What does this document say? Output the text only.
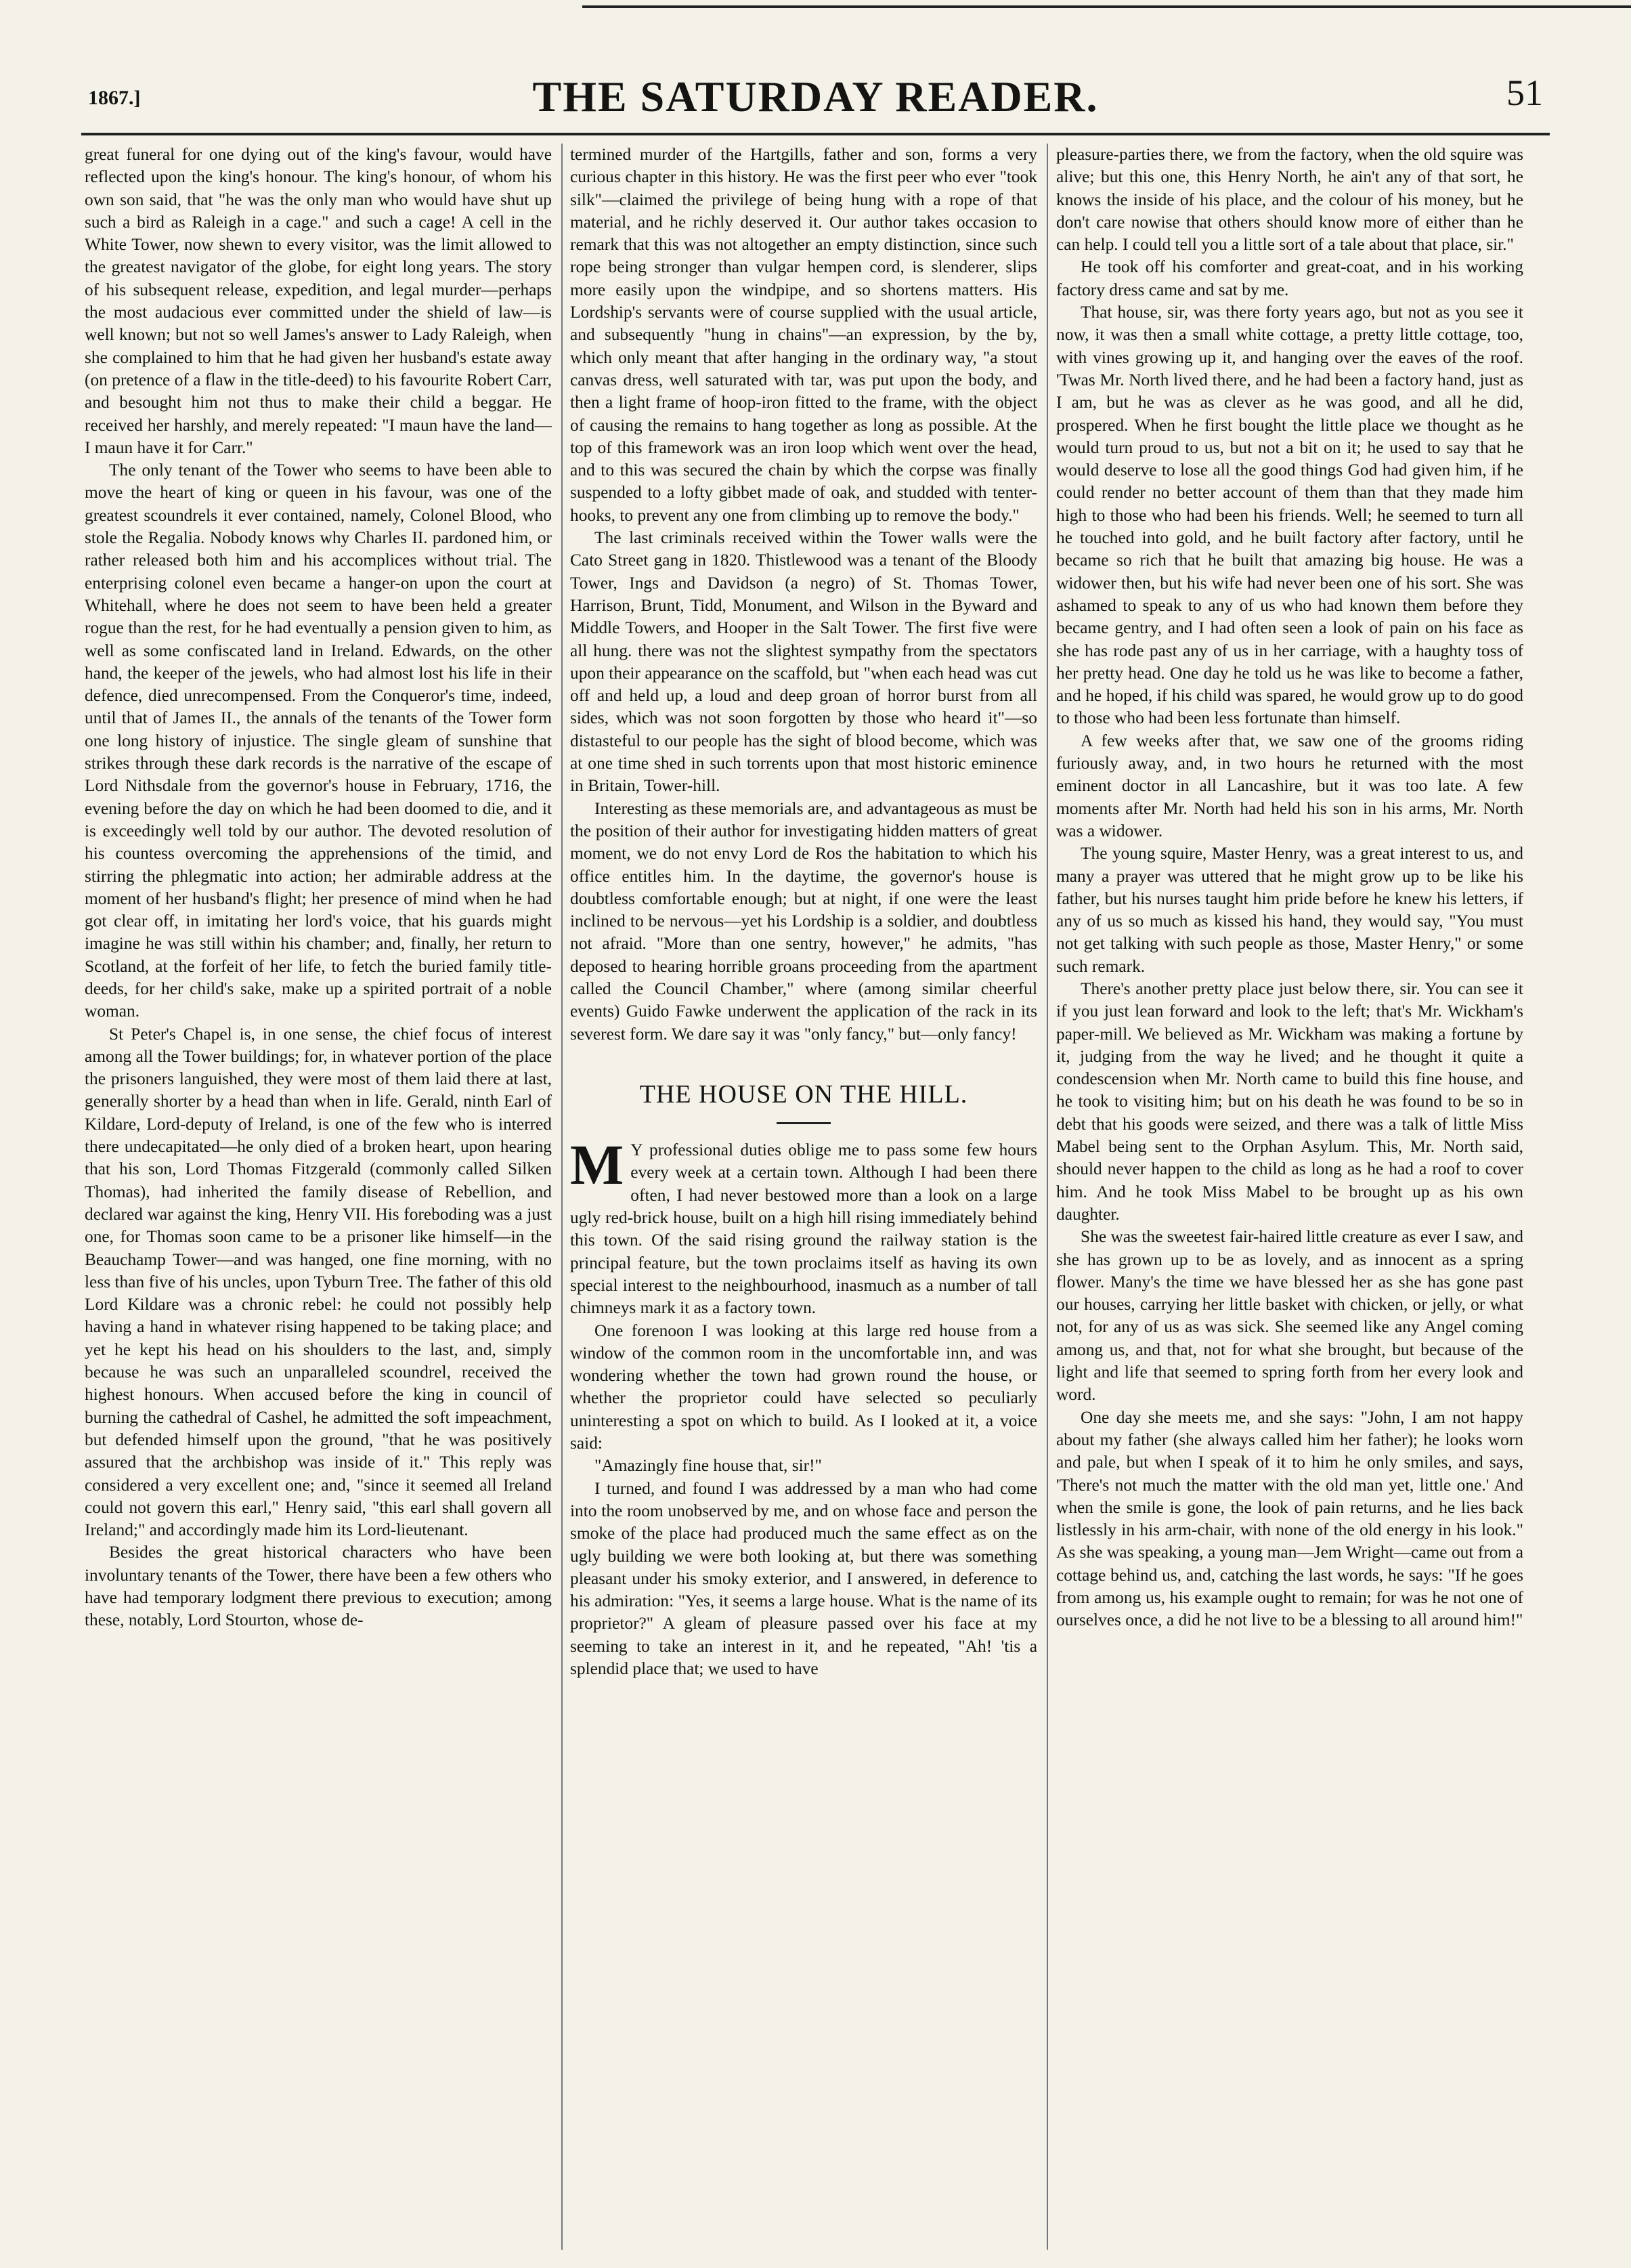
1867.]	THE SATURDAY READER.	51

great funeral for one dying out of the king's favour, would have reflected upon the king's honour. The king's honour, of whom his own son said, that "he was the only man who would have shut up such a bird as Raleigh in a cage." and such a cage! A cell in the White Tower, now shewn to every visitor, was the limit allowed to the greatest navigator of the globe, for eight long years. The story of his subsequent release, expedition, and legal murder—perhaps the most audacious ever committed under the shield of law—is well known; but not so well James's answer to Lady Raleigh, when she complained to him that he had given her husband's estate away (on pretence of a flaw in the title-deed) to his favourite Robert Carr, and besought him not thus to make their child a beggar. He received her harshly, and merely repeated: "I maun have the land—I maun have it for Carr."

The only tenant of the Tower who seems to have been able to move the heart of king or queen in his favour, was one of the greatest scoundrels it ever contained, namely, Colonel Blood, who stole the Regalia. Nobody knows why Charles II. pardoned him, or rather released both him and his accomplices without trial. The enterprising colonel even became a hanger-on upon the court at Whitehall, where he does not seem to have been held a greater rogue than the rest, for he had eventually a pension given to him, as well as some confiscated land in Ireland. Edwards, on the other hand, the keeper of the jewels, who had almost lost his life in their defence, died unrecompensed. From the Conqueror's time, indeed, until that of James II., the annals of the tenants of the Tower form one long history of injustice. The single gleam of sunshine that strikes through these dark records is the narrative of the escape of Lord Nithsdale from the governor's house in February, 1716, the evening before the day on which he had been doomed to die, and it is exceedingly well told by our author. The devoted resolution of his countess overcoming the apprehensions of the timid, and stirring the phlegmatic into action; her admirable address at the moment of her husband's flight; her presence of mind when he had got clear off, in imitating her lord's voice, that his guards might imagine he was still within his chamber; and, finally, her return to Scotland, at the forfeit of her life, to fetch the buried family title-deeds, for her child's sake, make up a spirited portrait of a noble woman.

St Peter's Chapel is, in one sense, the chief focus of interest among all the Tower buildings; for, in whatever portion of the place the prisoners languished, they were most of them laid there at last, generally shorter by a head than when in life. Gerald, ninth Earl of Kildare, Lord-deputy of Ireland, is one of the few who is interred there undecapitated—he only died of a broken heart, upon hearing that his son, Lord Thomas Fitzgerald (commonly called Silken Thomas), had inherited the family disease of Rebellion, and declared war against the king, Henry VII. His foreboding was a just one, for Thomas soon came to be a prisoner like himself—in the Beauchamp Tower—and was hanged, one fine morning, with no less than five of his uncles, upon Tyburn Tree. The father of this old Lord Kildare was a chronic rebel: he could not possibly help having a hand in whatever rising happened to be taking place; and yet he kept his head on his shoulders to the last, and, simply because he was such an unparalleled scoundrel, received the highest honours. When accused before the king in council of burning the cathedral of Cashel, he admitted the soft impeachment, but defended himself upon the ground, "that he was positively assured that the archbishop was inside of it." This reply was considered a very excellent one; and, "since it seemed all Ireland could not govern this earl," Henry said, "this earl shall govern all Ireland;" and accordingly made him its Lord-lieutenant.

Besides the great historical characters who have been involuntary tenants of the Tower, there have been a few others who have had temporary lodgment there previous to execution; among these, notably, Lord Stourton, whose de-

termined murder of the Hartgills, father and son, forms a very curious chapter in this history. He was the first peer who ever "took silk"—claimed the privilege of being hung with a rope of that material, and he richly deserved it. Our author takes occasion to remark that this was not altogether an empty distinction, since such rope being stronger than vulgar hempen cord, is slenderer, slips more easily upon the windpipe, and so shortens matters. His Lordship's servants were of course supplied with the usual article, and subsequently "hung in chains"—an expression, by the by, which only meant that after hanging in the ordinary way, "a stout canvas dress, well saturated with tar, was put upon the body, and then a light frame of hoop-iron fitted to the frame, with the object of causing the remains to hang together as long as possible. At the top of this framework was an iron loop which went over the head, and to this was secured the chain by which the corpse was finally suspended to a lofty gibbet made of oak, and studded with tenter-hooks, to prevent any one from climbing up to remove the body."

The last criminals received within the Tower walls were the Cato Street gang in 1820. Thistlewood was a tenant of the Bloody Tower, Ings and Davidson (a negro) of St. Thomas Tower, Harrison, Brunt, Tidd, Monument, and Wilson in the Byward and Middle Towers, and Hooper in the Salt Tower. The first five were all hung. there was not the slightest sympathy from the spectators upon their appearance on the scaffold, but "when each head was cut off and held up, a loud and deep groan of horror burst from all sides, which was not soon forgotten by those who heard it"—so distasteful to our people has the sight of blood become, which was at one time shed in such torrents upon that most historic eminence in Britain, Tower-hill.

Interesting as these memorials are, and advantageous as must be the position of their author for investigating hidden matters of great moment, we do not envy Lord de Ros the habitation to which his office entitles him. In the daytime, the governor's house is doubtless comfortable enough; but at night, if one were the least inclined to be nervous—yet his Lordship is a soldier, and doubtless not afraid. "More than one sentry, however," he admits, "has deposed to hearing horrible groans proceeding from the apartment called the Council Chamber," where (among similar cheerful events) Guido Fawke underwent the application of the rack in its severest form. We dare say it was "only fancy," but—only fancy!

THE HOUSE ON THE HILL.

M Y professional duties oblige me to pass some few hours every week at a certain town. Although I had been there often, I had never bestowed more than a look on a large ugly red-brick house, built on a high hill rising immediately behind this town. Of the said rising ground the railway station is the principal feature, but the town proclaims itself as having its own special interest to the neighbourhood, inasmuch as a number of tall chimneys mark it as a factory town.

One forenoon I was looking at this large red house from a window of the common room in the uncomfortable inn, and was wondering whether the town had grown round the house, or whether the proprietor could have selected so peculiarly uninteresting a spot on which to build. As I looked at it, a voice said:

"Amazingly fine house that, sir!"

I turned, and found I was addressed by a man who had come into the room unobserved by me, and on whose face and person the smoke of the place had produced much the same effect as on the ugly building we were both looking at, but there was something pleasant under his smoky exterior, and I answered, in deference to his admiration: "Yes, it seems a large house. What is the name of its proprietor?" A gleam of pleasure passed over his face at my seeming to take an interest in it, and he repeated, "Ah! 'tis a splendid place that; we used to have

pleasure-parties there, we from the factory, when the old squire was alive; but this one, this Henry North, he ain't any of that sort, he knows the inside of his place, and the colour of his money, but he don't care nowise that others should know more of either than he can help. I could tell you a little sort of a tale about that place, sir."

He took off his comforter and great-coat, and in his working factory dress came and sat by me.

That house, sir, was there forty years ago, but not as you see it now, it was then a small white cottage, a pretty little cottage, too, with vines growing up it, and hanging over the eaves of the roof. 'Twas Mr. North lived there, and he had been a factory hand, just as I am, but he was as clever as he was good, and all he did, prospered. When he first bought the little place we thought as he would turn proud to us, but not a bit on it; he used to say that he would deserve to lose all the good things God had given him, if he could render no better account of them than that they made him high to those who had been his friends. Well; he seemed to turn all he touched into gold, and he built factory after factory, until he became so rich that he built that amazing big house. He was a widower then, but his wife had never been one of his sort. She was ashamed to speak to any of us who had known them before they became gentry, and I had often seen a look of pain on his face as she has rode past any of us in her carriage, with a haughty toss of her pretty head. One day he told us he was like to become a father, and he hoped, if his child was spared, he would grow up to do good to those who had been less fortunate than himself.

A few weeks after that, we saw one of the grooms riding furiously away, and, in two hours he returned with the most eminent doctor in all Lancashire, but it was too late. A few moments after Mr. North had held his son in his arms, Mr. North was a widower.

The young squire, Master Henry, was a great interest to us, and many a prayer was uttered that he might grow up to be like his father, but his nurses taught him pride before he knew his letters, if any of us so much as kissed his hand, they would say, "You must not get talking with such people as those, Master Henry," or some such remark.

There's another pretty place just below there, sir. You can see it if you just lean forward and look to the left; that's Mr. Wickham's paper-mill. We believed as Mr. Wickham was making a fortune by it, judging from the way he lived; and he thought it quite a condescension when Mr. North came to build this fine house, and he took to visiting him; but on his death he was found to be so in debt that his goods were seized, and there was a talk of little Miss Mabel being sent to the Orphan Asylum. This, Mr. North said, should never happen to the child as long as he had a roof to cover him. And he took Miss Mabel to be brought up as his own daughter.

She was the sweetest fair-haired little creature as ever I saw, and she has grown up to be as lovely, and as innocent as a spring flower. Many's the time we have blessed her as she has gone past our houses, carrying her little basket with chicken, or jelly, or what not, for any of us as was sick. She seemed like any Angel coming among us, and that, not for what she brought, but because of the light and life that seemed to spring forth from her every look and word.

One day she meets me, and she says: "John, I am not happy about my father (she always called him her father); he looks worn and pale, but when I speak of it to him he only smiles, and says, 'There's not much the matter with the old man yet, little one.' And when the smile is gone, the look of pain returns, and he lies back listlessly in his arm-chair, with none of the old energy in his look." As she was speaking, a young man—Jem Wright—came out from a cottage behind us, and, catching the last words, he says: "If he goes from among us, his example ought to remain; for was he not one of ourselves once, a did he not live to be a blessing to all around him!"
